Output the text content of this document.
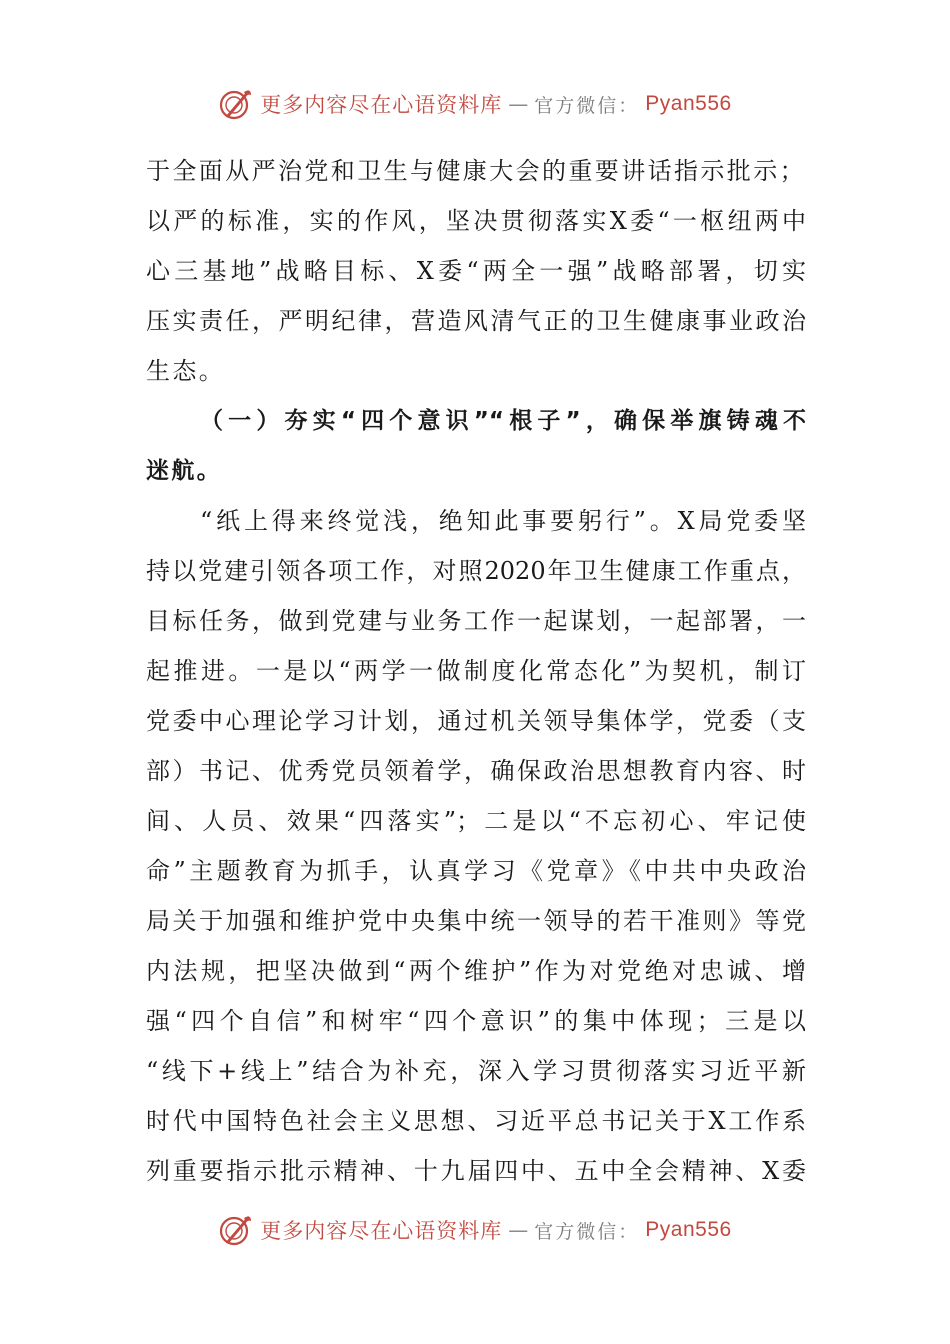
更多内容尽在心语资料库 — 官方微信： Pyan556
于全面从严治党和卫生与健康大会的重要讲话指示批示；
以严的标准，实的作风，坚决贯彻落实X委“一枢纽两中
心三基地”战略目标、X委“两全一强”战略部署，切实
压实责任，严明纪律，营造风清气正的卫生健康事业政治
生态。
（一）夯实“四个意识”“根子”，确保举旗铸魂不
迷航。
“纸上得来终觉浅，绝知此事要躬行”。X局党委坚
持以党建引领各项工作，对照2020年卫生健康工作重点，
目标任务，做到党建与业务工作一起谋划，一起部署，一
起推进。一是以“两学一做制度化常态化”为契机，制订
党委中心理论学习计划，通过机关领导集体学，党委（支
部）书记、优秀党员领着学，确保政治思想教育内容、时
间、人员、效果“四落实”；二是以“不忘初心、牢记使
命”主题教育为抓手，认真学习《党章》《中共中央政治
局关于加强和维护党中央集中统一领导的若干准则》等党
内法规，把坚决做到“两个维护”作为对党绝对忠诚、增
强“四个自信”和树牢“四个意识”的集中体现；三是以
“线下+线上”结合为补充，深入学习贯彻落实习近平新
时代中国特色社会主义思想、习近平总书记关于X工作系
列重要指示批示精神、十九届四中、五中全会精神、X委
更多内容尽在心语资料库 — 官方微信： Pyan556
